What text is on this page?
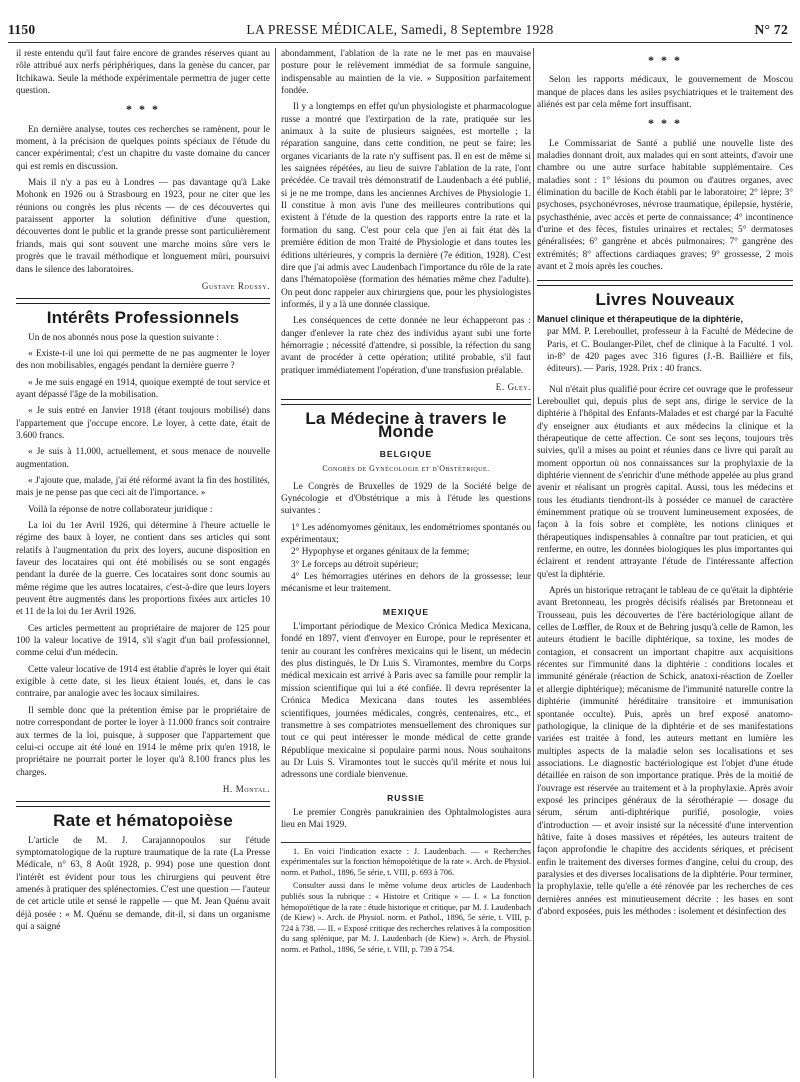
1150	LA PRESSE MÉDICALE, Samedi, 8 Septembre 1928	N° 72

il reste entendu qu'il faut faire encore de grandes réserves quant au rôle attribué aux nerfs périphériques, dans la genèse du cancer, par Itchikawa. Seule la méthode expérimentale permettra de juger cette question.

* * *

En dernière analyse, toutes ces recherches se ramènent, pour le moment, à la précision de quelques points spéciaux de l'étude du cancer expérimental; c'est un chapitre du vaste domaine du cancer qui est remis en discussion.

Mais il n'y a pas eu à Londres — pas davantage qu'à Lake Mohonk en 1926 ou à Strasbourg en 1923, pour ne citer que les réunions ou congrès les plus récents — de ces découvertes qui paraissent apporter la solution définitive d'une question, découvertes dont le public et la grande presse sont particulièrement friands, mais qui sont souvent une marche moins sûre vers le progrès que le travail méthodique et longuement mûri, poursuivi dans le silence des laboratoires.

Gustave Roussy.
Intérêts Professionnels

Un de nos abonnés nous pose la question suivante :

« Existe-t-il une loi qui permette de ne pas augmenter le loyer des non mobilisables, engagés pendant la dernière guerre ?

« Je me suis engagé en 1914, quoique exempté de tout service et ayant dépassé l'âge de la mobilisation.

« Je suis entré en Janvier 1918 (étant toujours mobilisé) dans l'appartement que j'occupe encore. Le loyer, à cette date, était de 3.600 francs.

« Je suis à 11.000, actuellement, et sous menace de nouvelle augmentation.

« J'ajoute que, malade, j'ai été réformé avant la fin des hostilités, mais je ne pense pas que ceci ait de l'importance. »

Voilà la réponse de notre collaborateur juridique :

La loi du 1er Avril 1926, qui détermine à l'heure actuelle le régime des baux à loyer, ne contient dans ses articles qui sont relatifs à l'augmentation du prix des loyers, aucune disposition en faveur des locataires qui ont été mobilisés ou se sont engagés pendant la durée de la guerre. Ces locataires sont donc soumis au même régime que les autres locataires, c'est-à-dire que leurs loyers peuvent être augmentés dans les proportions fixées aux articles 10 et 11 de la loi du 1er Avril 1926.

Ces articles permettent au propriétaire de majorer de 125 pour 100 la valeur locative de 1914, s'il s'agit d'un bail professionnel, comme celui d'un médecin.

Cette valeur locative de 1914 est établie d'après le loyer qui était exigible à cette date, si les lieux étaient loués, et, dans le cas contraire, par analogie avec les locaux similaires.

Il semble donc que la prétention émise par le propriétaire de notre correspondant de porter le loyer à 11.000 francs soit contraire aux termes de la loi, puisque, à supposer que l'appartement que celui-ci occupe ait été loué en 1914 le même prix qu'en 1918, le propriétaire ne pourrait porter le loyer qu'à 8.100 francs plus les charges.

H. Montal.
Rate et hématopoièse

L'article de M. J. Carajannopoulos sur l'étude symptomatologique de la rupture traumatique de la rate (La Presse Médicale, n° 63, 8 Août 1928, p. 994) pose une question dont l'intérêt est évident pour tous les chirurgiens qui peuvent être amenés à pratiquer des splénectomies. C'est une question — l'auteur de cet article utile et sensé le rappelle — que M. Jean Quénu avait déjà posée : « M. Quénu se demande, dit-il, si dans un organisme qui a saigné

abondamment, l'ablation de la rate ne le met pas en mauvaise posture pour le relèvement immédiat de sa formule sanguine, indispensable au maintien de la vie. » Supposition parfaitement fondée.

Il y a longtemps en effet qu'un physiologiste et pharmacologue russe a montré que l'extirpation de la rate, pratiquée sur les animaux à la suite de plusieurs saignées, est mortelle ; la réparation sanguine, dans cette condition, ne peut se faire; les organes vicariants de la rate n'y suffisent pas. Il en est de même si les saignées répétées, au lieu de suivre l'ablation de la rate, l'ont précédée. Ce travail très démonstratif de Laudenbach a été publié, si je ne me trompe, dans les anciennes Archives de Physiologie 1. Il constitue à mon avis l'une des meilleures contributions qui existent à l'étude de la question des rapports entre la rate et la formation du sang. C'est pour cela que j'en ai fait état dès la première édition de mon Traité de Physiologie et dans toutes les éditions ultérieures, y compris la dernière (7e édition, 1928). C'est dire que j'ai admis avec Laudenbach l'importance du rôle de la rate dans l'hématopoïèse (formation des hématies même chez l'adulte). On peut donc rappeler aux chirurgiens que, pour les physiologistes informés, il y a là une donnée classique.

Les conséquences de cette donnée ne leur échapperont pas : danger d'enlever la rate chez des individus ayant subi une forte hémorragie ; nécessité d'attendre, si possible, la réfection du sang avant de procéder à cette opération; utilité probable, s'il faut pratiquer immédiatement l'opération, d'une transfusion préalable.

E. Gley.
La Médecine à travers le Monde
BELGIQUE
Congrès de Gynécologie et d'Obstétrique.

Le Congrès de Bruxelles de 1929 de la Société belge de Gynécologie et d'Obstétrique a mis à l'étude les questions suivantes :

1° Les adénomyomes génitaux, les endométriomes spontanés ou expérimentaux;

2° Hypophyse et organes génitaux de la femme;

3° Le forceps au détroit supérieur;

4° Les hémorragies utérines en dehors de la grossesse; leur mécanisme et leur traitement.

MEXIQUE

L'important périodique de Mexico Crónica Medica Mexicana, fondé en 1897, vient d'envoyer en Europe, pour le représenter et tenir au courant les confrères mexicains qui le lisent, un médecin des plus distingués, le Dr Luis S. Viramontes, membre du Corps médical mexicain est arrivé à Paris avec sa famille pour remplir la mission scientifique qui lui a été confiée. Il devra représenter la Crónica Medica Mexicana dans toutes les assemblées scientifiques, journées médicales, congrès, centenaires, etc., et transmettre à ses compatriotes mensuellement des chroniques sur tout ce qui peut intéresser le monde médical de cette grande République mexicaine si populaire parmi nous. Nous souhaitons au Dr Luis S. Viramontes tout le succès qu'il mérite et nous lui adressons une cordiale bienvenue.

RUSSIE

Le premier Congrès panukrainien des Ophtalmologistes aura lieu en Mai 1929.

1. En voici l'indication exacte : J. Laudenbach. — « Recherches expérimentales sur la fonction hémopoïétique de la rate ». Arch. de Physiol. norm. et Pathol., 1896, 5e série, t. VIII, p. 693 à 706.

Consulter aussi dans le même volume deux articles de Laudenbach publiés sous la rubrique : « Histoire et Critique » — I. « La fonction hémopoïétique de la rate : étude historique et critique, par M. J. Laudenbach (de Kiew) ». Arch. de Physiol. norm. et Pathol., 1896, 5e série, t. VIII, p. 724 à 738. — II. « Exposé critique des recherches relatives à la composition du sang splénique, par M. J. Laudenbach (de Kiew) ». Arch. de Physiol. norm. et Pathol., 1896, 5e série, t. VIII, p. 739 à 754.

* * *

Selon les rapports médicaux, le gouvernement de Moscou manque de places dans les asiles psychiatriques et le traitement des aliénés est par cela même fort insuffisant.

* * *

Le Commissariat de Santé a publié une nouvelle liste des maladies donnant droit, aux malades qui en sont atteints, d'avoir une chambre ou une autre surface habitable supplémentaire. Ces maladies sont : 1° lésions du poumon ou d'autres organes, avec élimination du bacille de Koch établi par le laboratoire; 2° lèpre; 3° psychoses, psychonévroses, névrose traumatique, épilepsie, hystérie, psychasthénie, avec accès et perte de connaissance; 4° incontinence d'urine et des fèces, fistules urinaires et rectales; 5° dermatoses généralisées; 6° gangrène et abcès pulmonaires; 7° gangrène des extrémités; 8° affections cardiaques graves; 9° grossesse, 2 mois avant et 2 mois après les couches.

Livres Nouveaux

Manuel clinique et thérapeutique de la diphtérie,

par MM. P. Lereboullet, professeur à la Faculté de Médecine de Paris, et C. Boulanger-Pilet, chef de clinique à la Faculté. 1 vol. in-8° de 420 pages avec 316 figures (J.-B. Baillière et fils, éditeurs). — Paris, 1928. Prix : 40 francs.

Nul n'était plus qualifié pour écrire cet ouvrage que le professeur Lereboullet qui, depuis plus de sept ans, dirige le service de la diphtérie à l'hôpital des Enfants-Malades et est chargé par la Faculté d'y enseigner aux étudiants et aux médecins la clinique et la thérapeutique de cette affection. Ce sont ses leçons, toujours très suivies, qu'il a mises au point et réunies dans ce livre qui paraît au moment opportun où nos connaissances sur la prophylaxie de la diphtérie viennent de s'enrichir d'une méthode appelée au plus grand avenir et réalisant un progrès capital. Aussi, tous les médecins et tous les étudiants tiendront-ils à posséder ce manuel de caractère éminemment pratique où se trouvent lumineusement exposées, de façon à la fois sobre et complète, les notions cliniques et thérapeutiques indispensables à connaître par tout praticien, et qui renferme, en outre, les données biologiques les plus importantes qui éclairent et rendent attrayante l'étude de l'intéressante affection qu'est la diphtérie.

Après un historique retraçant le tableau de ce qu'était la diphtérie avant Bretonneau, les progrès décisifs réalisés par Bretonneau et Trousseau, puis les découvertes de l'ère bactériologique allant de celles de Lœffler, de Roux et de Behring jusqu'à celle de Ramon, les auteurs étudient le bacille diphtérique, sa toxine, les modes de contagion, et consacrent un important chapitre aux acquisitions récentes sur l'immunité dans la diphtérie : conditions locales et immunité générale (réaction de Schick, anatoxi-réaction de Zoeller et allergie diphtérique); mécanisme de l'immunité naturelle contre la diphtérie (immunité héréditaire transitoire et immunisation spontanée occulte). Puis, après un bref exposé anatomo-pathologique, la clinique de la diphtérie et de ses manifestations variées est traitée à fond, les auteurs mettant en lumière les multiples aspects de la maladie selon ses localisations et ses associations. Le diagnostic bactériologique est l'objet d'une étude détaillée en raison de son importance pratique. Près de la moitié de l'ouvrage est réservée au traitement et à la prophylaxie. Après avoir exposé les principes généraux de la sérothérapie — dosage du sérum, sérum anti-diphtérique purifié, posologie, voies d'introduction — et avoir insisté sur la nécessité d'une intervention hâtive, faite à doses massives et répétées, les auteurs traitent de façon approfondie le chapitre des accidents sériques, et précisent enfin le traitement des diverses formes d'angine, celui du croup, des paralysies et des diverses localisations de la diphtérie. Pour terminer, la prophylaxie, telle qu'elle a été rénovée par les recherches de ces dernières années est minutieusement décrite : les bases en sont d'abord exposées, puis les méthodes : isolement et désinfection des
